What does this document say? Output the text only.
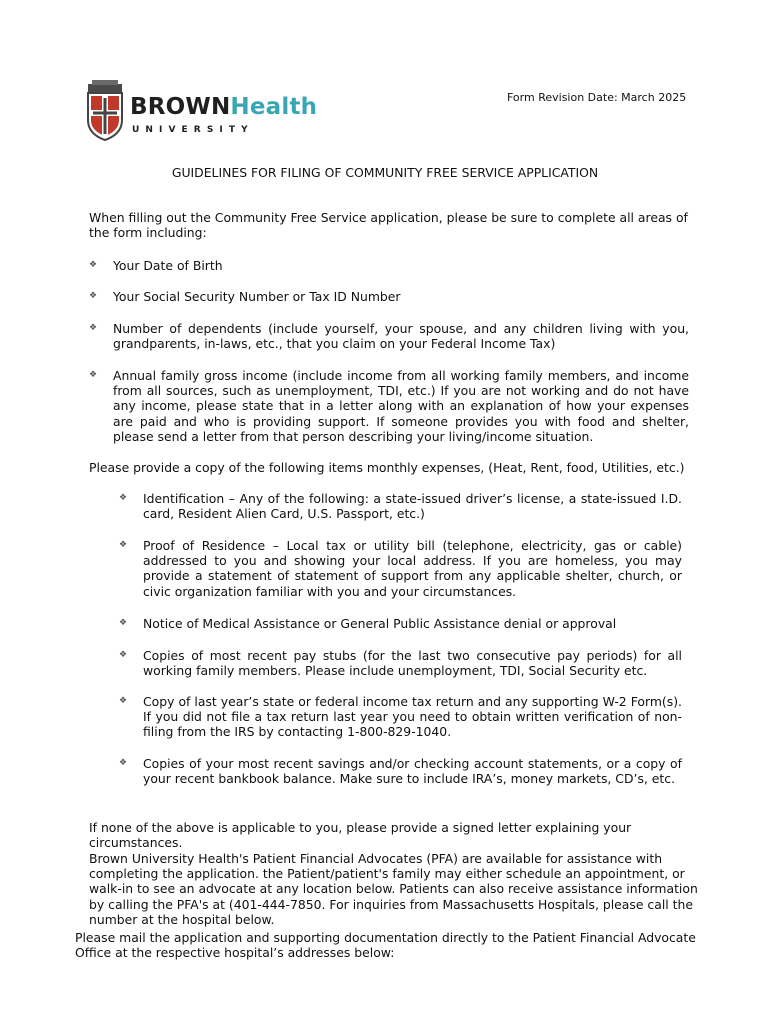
BROWNHealth
UNIVERSITY
Form Revision Date: March 2025
GUIDELINES FOR FILING OF COMMUNITY FREE SERVICE APPLICATION
When filling out the Community Free Service application, please be sure to complete all areas of the form including:
❖ Your Date of Birth
❖ Your Social Security Number or Tax ID Number
❖ Number of dependents (include yourself, your spouse, and any children living with you, grandparents, in-laws, etc., that you claim on your Federal Income Tax)
❖ Annual family gross income (include income from all working family members, and income from all sources, such as unemployment, TDI, etc.) If you are not working and do not have any income, please state that in a letter along with an explanation of how your expenses are paid and who is providing support. If someone provides you with food and shelter, please send a letter from that person describing your living/income situation.
Please provide a copy of the following items monthly expenses, (Heat, Rent, food, Utilities, etc.)
❖ Identification – Any of the following: a state-issued driver’s license, a state-issued I.D. card, Resident Alien Card, U.S. Passport, etc.)
❖ Proof of Residence – Local tax or utility bill (telephone, electricity, gas or cable) addressed to you and showing your local address. If you are homeless, you may provide a statement of statement of support from any applicable shelter, church, or civic organization familiar with you and your circumstances.
❖ Notice of Medical Assistance or General Public Assistance denial or approval
❖ Copies of most recent pay stubs (for the last two consecutive pay periods) for all working family members. Please include unemployment, TDI, Social Security etc.
❖ Copy of last year’s state or federal income tax return and any supporting W-2 Form(s). If you did not file a tax return last year you need to obtain written verification of non-filing from the IRS by contacting 1-800-829-1040.
❖ Copies of your most recent savings and/or checking account statements, or a copy of your recent bankbook balance. Make sure to include IRA’s, money markets, CD’s, etc.
If none of the above is applicable to you, please provide a signed letter explaining your circumstances.
Brown University Health's Patient Financial Advocates (PFA) are available for assistance with completing the application. the Patient/patient's family may either schedule an appointment, or walk-in to see an advocate at any location below. Patients can also receive assistance information by calling the PFA's at (401-444-7850. For inquiries from Massachusetts Hospitals, please call the number at the hospital below.
Please mail the application and supporting documentation directly to the Patient Financial Advocate Office at the respective hospital’s addresses below:
